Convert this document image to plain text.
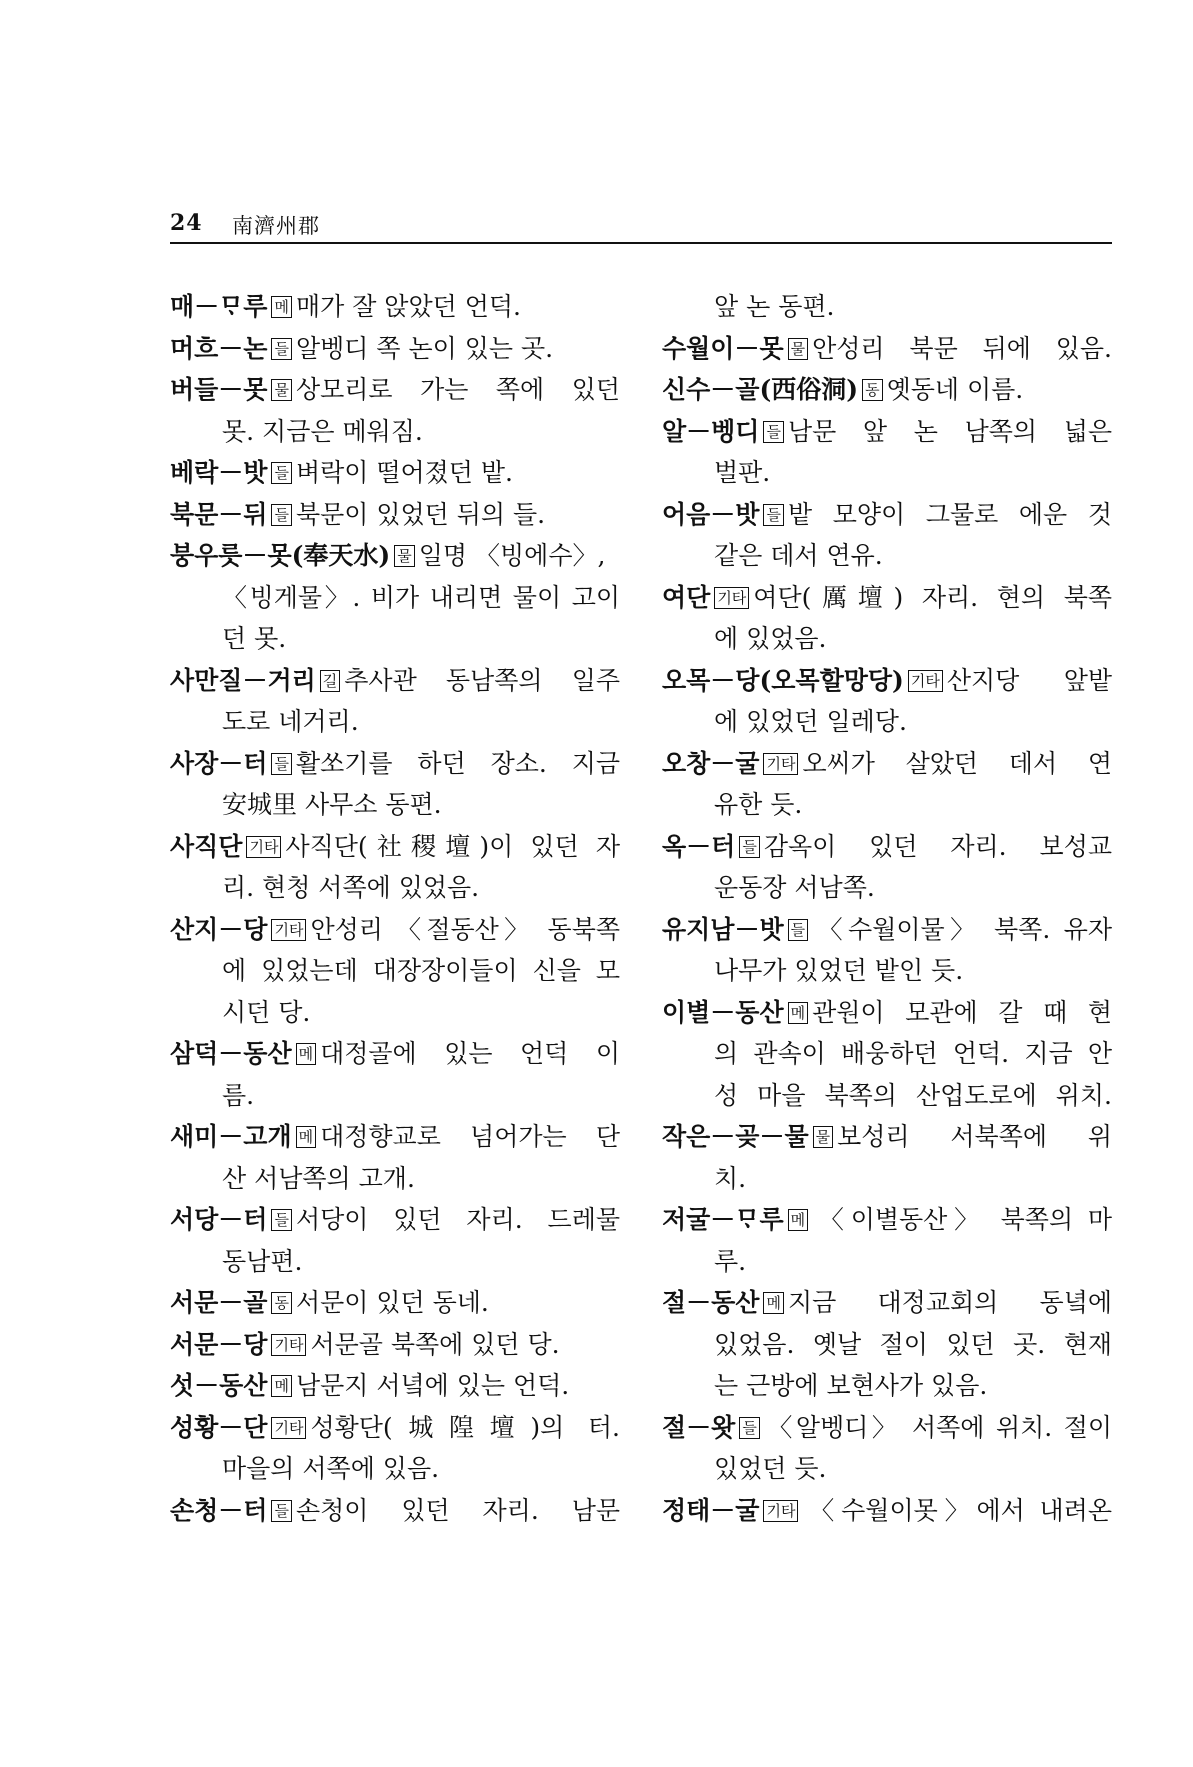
24 南濟州郡
매－ᄆᆞ루 메 매가 잘 앉았던 언덕.
머흐－논 들 알벵디 쪽 논이 있는 곳.
버들－못 물 상모리로 가는 쪽에 있던
못. 지금은 메워짐.
베락－밧 들 벼락이 떨어졌던 밭.
북문－뒤 들 북문이 있었던 뒤의 들.
붕우릇－못(奉天水) 물 일명 〈빙에수〉,
〈빙게물〉. 비가 내리면 물이 고이
던 못.
사만질－거리 길 추사관 동남쪽의 일주
도로 네거리.
사장－터 들 활쏘기를 하던 장소. 지금
安城里 사무소 동편.
사직단 기타 사직단(社稷壇)이 있던 자
리. 현청 서쪽에 있었음.
산지－당 기타 안성리 〈절동산〉 동북쪽
에 있었는데 대장장이들이 신을 모
시던 당.
삼덕－동산 메 대정골에 있는 언덕 이
름.
새미－고개 메 대정향교로 넘어가는 단
산 서남쪽의 고개.
서당－터 들 서당이 있던 자리. 드레물
동남편.
서문－골 동 서문이 있던 동네.
서문－당 기타 서문골 북쪽에 있던 당.
섯－동산 메 남문지 서녘에 있는 언덕.
성황－단 기타 성황단(城隍壇)의 터.
마을의 서쪽에 있음.
손청－터 들 손청이 있던 자리. 남문
앞 논 동편.
수월이－못 물 안성리 북문 뒤에 있음.
신수－골(西俗洞) 동 옛동네 이름.
알－벵디 들 남문 앞 논 남쪽의 넓은
벌판.
어음－밧 들 밭 모양이 그물로 에운 것
같은 데서 연유.
여단 기타 여단(厲壇) 자리. 현의 북쪽
에 있었음.
오목－당(오목할망당) 기타 산지당 앞밭
에 있었던 일레당.
오창－굴 기타 오씨가 살았던 데서 연
유한 듯.
옥－터 들 감옥이 있던 자리. 보성교
운동장 서남쪽.
유지남－밧 들 〈수월이물〉 북쪽. 유자
나무가 있었던 밭인 듯.
이별－동산 메 관원이 모관에 갈 때 현
의 관속이 배웅하던 언덕. 지금 안
성 마을 북쪽의 산업도로에 위치.
작은－곶－물 물 보성리 서북쪽에 위
치.
저굴－ᄆᆞ루 메 〈이별동산〉 북쪽의 마
루.
절－동산 메 지금 대정교회의 동녘에
있었음. 옛날 절이 있던 곳. 현재
는 근방에 보현사가 있음.
절－왓 들 〈알벵디〉 서쪽에 위치. 절이
있었던 듯.
정태－굴 기타 〈수월이못〉에서 내려온
